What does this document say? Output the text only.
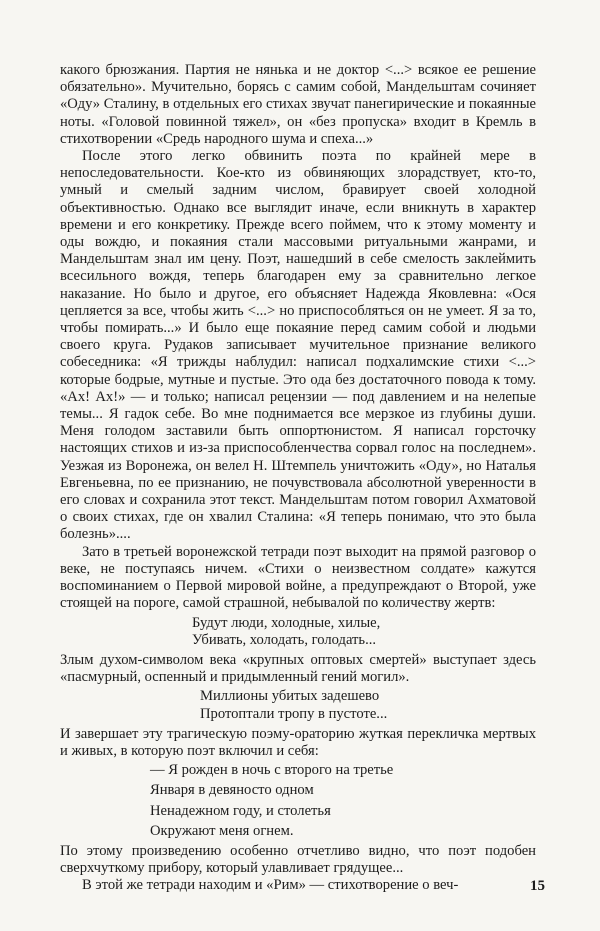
какого брюзжания. Партия не нянька и не доктор <...> всякое ее решение обязательно». Мучительно, борясь с самим собой, Мандельштам сочиняет «Оду» Сталину, в отдельных его стихах звучат панегирические и покаянные ноты. «Головой повинной тяжел», он «без пропуска» входит в Кремль в стихотворении «Средь народного шума и спеха...»

После этого легко обвинить поэта по крайней мере в непоследовательности. Кое-кто из обвиняющих злорадствует, кто-то, умный и смелый задним числом, бравирует своей холодной объективностью. Однако все выглядит иначе, если вникнуть в характер времени и его конкретику. Прежде всего поймем, что к этому моменту и оды вождю, и покаяния стали массовыми ритуальными жанрами, и Мандельштам знал им цену. Поэт, нашедший в себе смелость заклеймить всесильного вождя, теперь благодарен ему за сравнительно легкое наказание. Но было и другое, его объясняет Надежда Яковлевна: «Ося цепляется за все, чтобы жить <...> но приспособляться он не умеет. Я за то, чтобы помирать...» И было еще покаяние перед самим собой и людьми своего круга. Рудаков записывает мучительное признание великого собеседника: «Я трижды наблудил: написал подхалимские стихи <...> которые бодрые, мутные и пустые. Это ода без достаточного повода к тому. «Ах! Ах!» — и только; написал рецензии — под давлением и на нелепые темы... Я гадок себе. Во мне поднимается все мерзкое из глубины души. Меня голодом заставили быть оппортюнистом. Я написал горсточку настоящих стихов и из-за приспособленчества сорвал голос на последнем». Уезжая из Воронежа, он велел Н. Штемпель уничтожить «Оду», но Наталья Евгеньевна, по ее признанию, не почувствовала абсолютной уверенности в его словах и сохранила этот текст. Мандельштам потом говорил Ахматовой о своих стихах, где он хвалил Сталина: «Я теперь понимаю, что это была болезнь»....

Зато в третьей воронежской тетради поэт выходит на прямой разговор о веке, не поступаясь ничем. «Стихи о неизвестном солдате» кажутся воспоминанием о Первой мировой войне, а предупреждают о Второй, уже стоящей на пороге, самой страшной, небывалой по количеству жертв:

Будут люди, холодные, хилые,
Убивать, холодать, голодать...

Злым духом-символом века «крупных оптовых смертей» выступает здесь «пасмурный, оспенный и придымленный гений могил».

Миллионы убитых задешево
Протоптали тропу в пустоте...

И завершает эту трагическую поэму-ораторию жуткая перекличка мертвых и живых, в которую поэт включил и себя:

— Я рожден в ночь с второго на третье
Января в девяносто одном
Ненадежном году, и столетья
Окружают меня огнем.

По этому произведению особенно отчетливо видно, что поэт подобен сверхчуткому прибору, который улавливает грядущее...

В этой же тетради находим и «Рим» — стихотворение о веч-	15
